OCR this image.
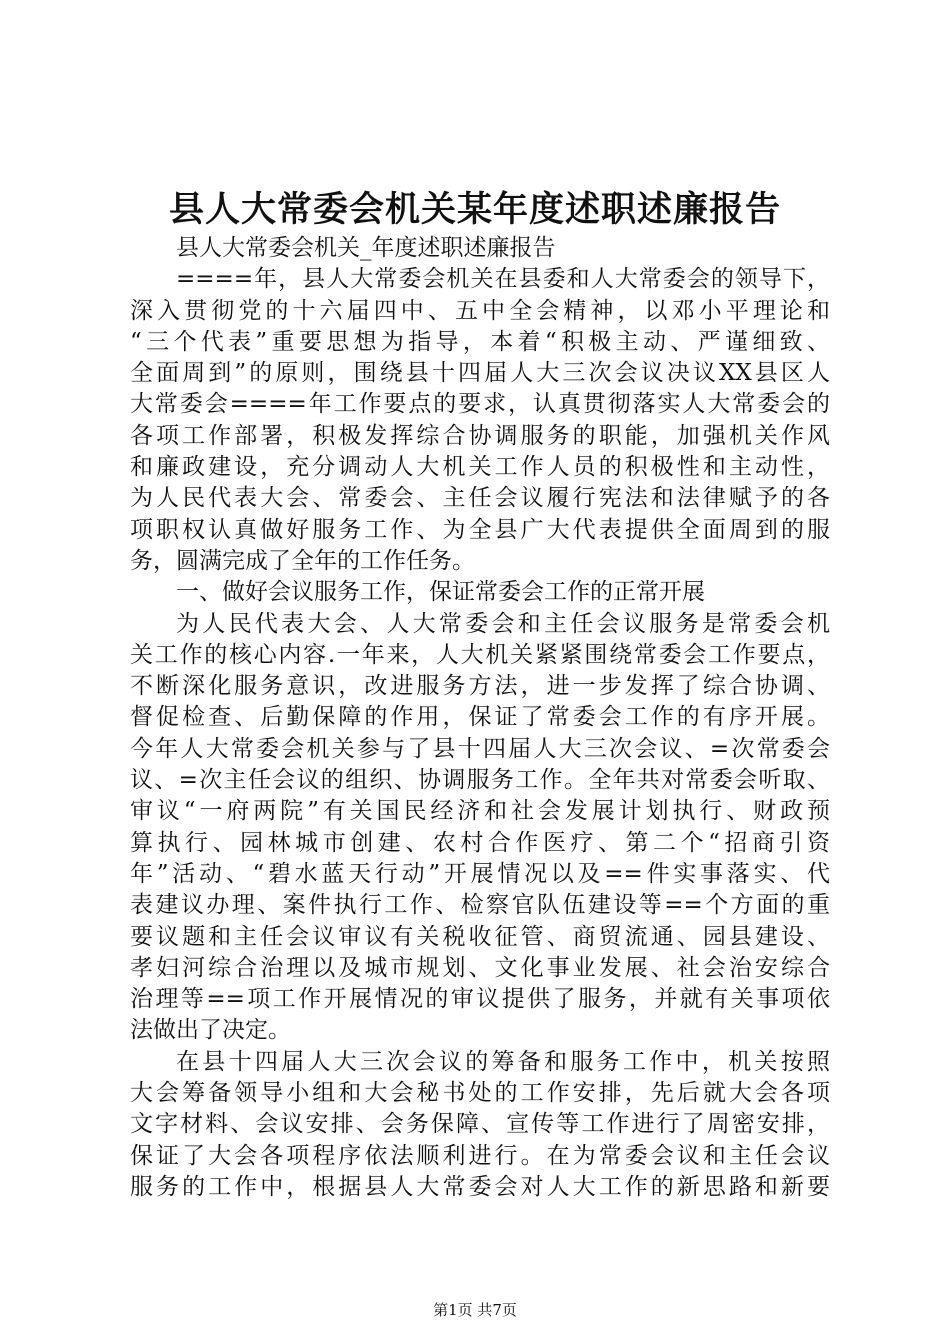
县人大常委会机关某年度述职述廉报告
县人大常委会机关_年度述职述廉报告
====年，县人大常委会机关在县委和人大常委会的领导下，
深入贯彻党的十六届四中、五中全会精神，以邓小平理论和
“三个代表”重要思想为指导，本着“积极主动、严谨细致、
全面周到”的原则，围绕县十四届人大三次会议决议XX县区人
大常委会====年工作要点的要求，认真贯彻落实人大常委会的
各项工作部署，积极发挥综合协调服务的职能，加强机关作风
和廉政建设，充分调动人大机关工作人员的积极性和主动性，
为人民代表大会、常委会、主任会议履行宪法和法律赋予的各
项职权认真做好服务工作、为全县广大代表提供全面周到的服
务，圆满完成了全年的工作任务。
一、做好会议服务工作，保证常委会工作的正常开展
为人民代表大会、人大常委会和主任会议服务是常委会机
关工作的核心内容.一年来，人大机关紧紧围绕常委会工作要点，
不断深化服务意识，改进服务方法，进一步发挥了综合协调、
督促检查、后勤保障的作用，保证了常委会工作的有序开展。
今年人大常委会机关参与了县十四届人大三次会议、=次常委会
议、=次主任会议的组织、协调服务工作。全年共对常委会听取、
审议“一府两院”有关国民经济和社会发展计划执行、财政预
算执行、园林城市创建、农村合作医疗、第二个“招商引资
年”活动、“碧水蓝天行动”开展情况以及==件实事落实、代
表建议办理、案件执行工作、检察官队伍建设等==个方面的重
要议题和主任会议审议有关税收征管、商贸流通、园县建设、
孝妇河综合治理以及城市规划、文化事业发展、社会治安综合
治理等==项工作开展情况的审议提供了服务，并就有关事项依
法做出了决定。
在县十四届人大三次会议的筹备和服务工作中，机关按照
大会筹备领导小组和大会秘书处的工作安排，先后就大会各项
文字材料、会议安排、会务保障、宣传等工作进行了周密安排，
保证了大会各项程序依法顺利进行。在为常委会议和主任会议
服务的工作中，根据县人大常委会对人大工作的新思路和新要
第1页 共7页
